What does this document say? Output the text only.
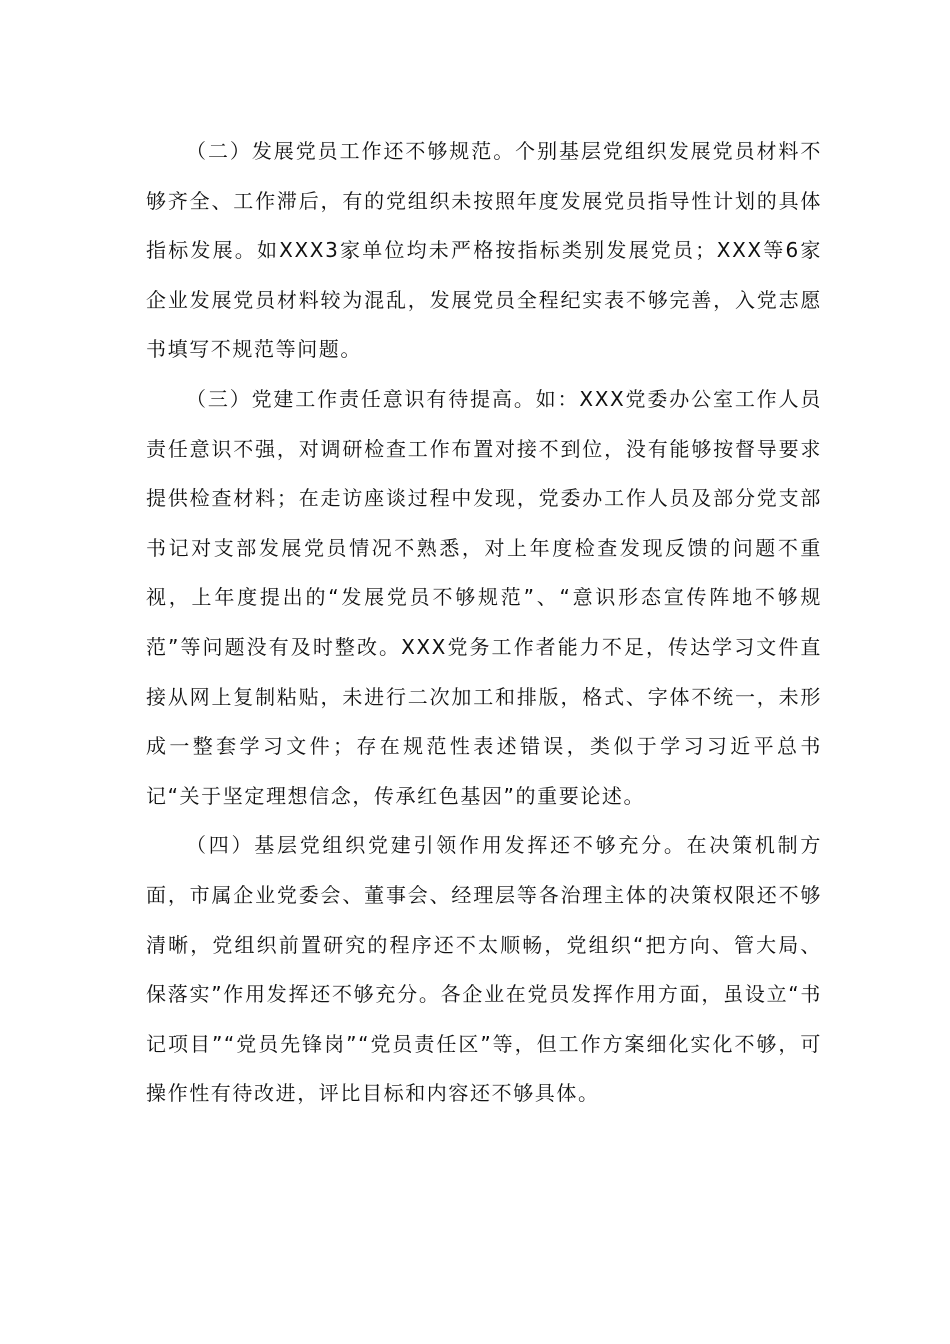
（二）发展党员工作还不够规范。个别基层党组织发展党员材料不够齐全、工作滞后，有的党组织未按照年度发展党员指导性计划的具体指标发展。如XXX3家单位均未严格按指标类别发展党员；XXX等6家企业发展党员材料较为混乱，发展党员全程纪实表不够完善，入党志愿书填写不规范等问题。

（三）党建工作责任意识有待提高。如：XXX党委办公室工作人员责任意识不强，对调研检查工作布置对接不到位，没有能够按督导要求提供检查材料；在走访座谈过程中发现，党委办工作人员及部分党支部书记对支部发展党员情况不熟悉，对上年度检查发现反馈的问题不重视，上年度提出的“发展党员不够规范”、“意识形态宣传阵地不够规范”等问题没有及时整改。XXX党务工作者能力不足，传达学习文件直接从网上复制粘贴，未进行二次加工和排版，格式、字体不统一，未形成一整套学习文件；存在规范性表述错误，类似于学习习近平总书记“关于坚定理想信念，传承红色基因”的重要论述。

（四）基层党组织党建引领作用发挥还不够充分。在决策机制方面，市属企业党委会、董事会、经理层等各治理主体的决策权限还不够清晰，党组织前置研究的程序还不太顺畅，党组织“把方向、管大局、保落实”作用发挥还不够充分。各企业在党员发挥作用方面，虽设立“书记项目”“党员先锋岗”“党员责任区”等，但工作方案细化实化不够，可操作性有待改进，评比目标和内容还不够具体。
